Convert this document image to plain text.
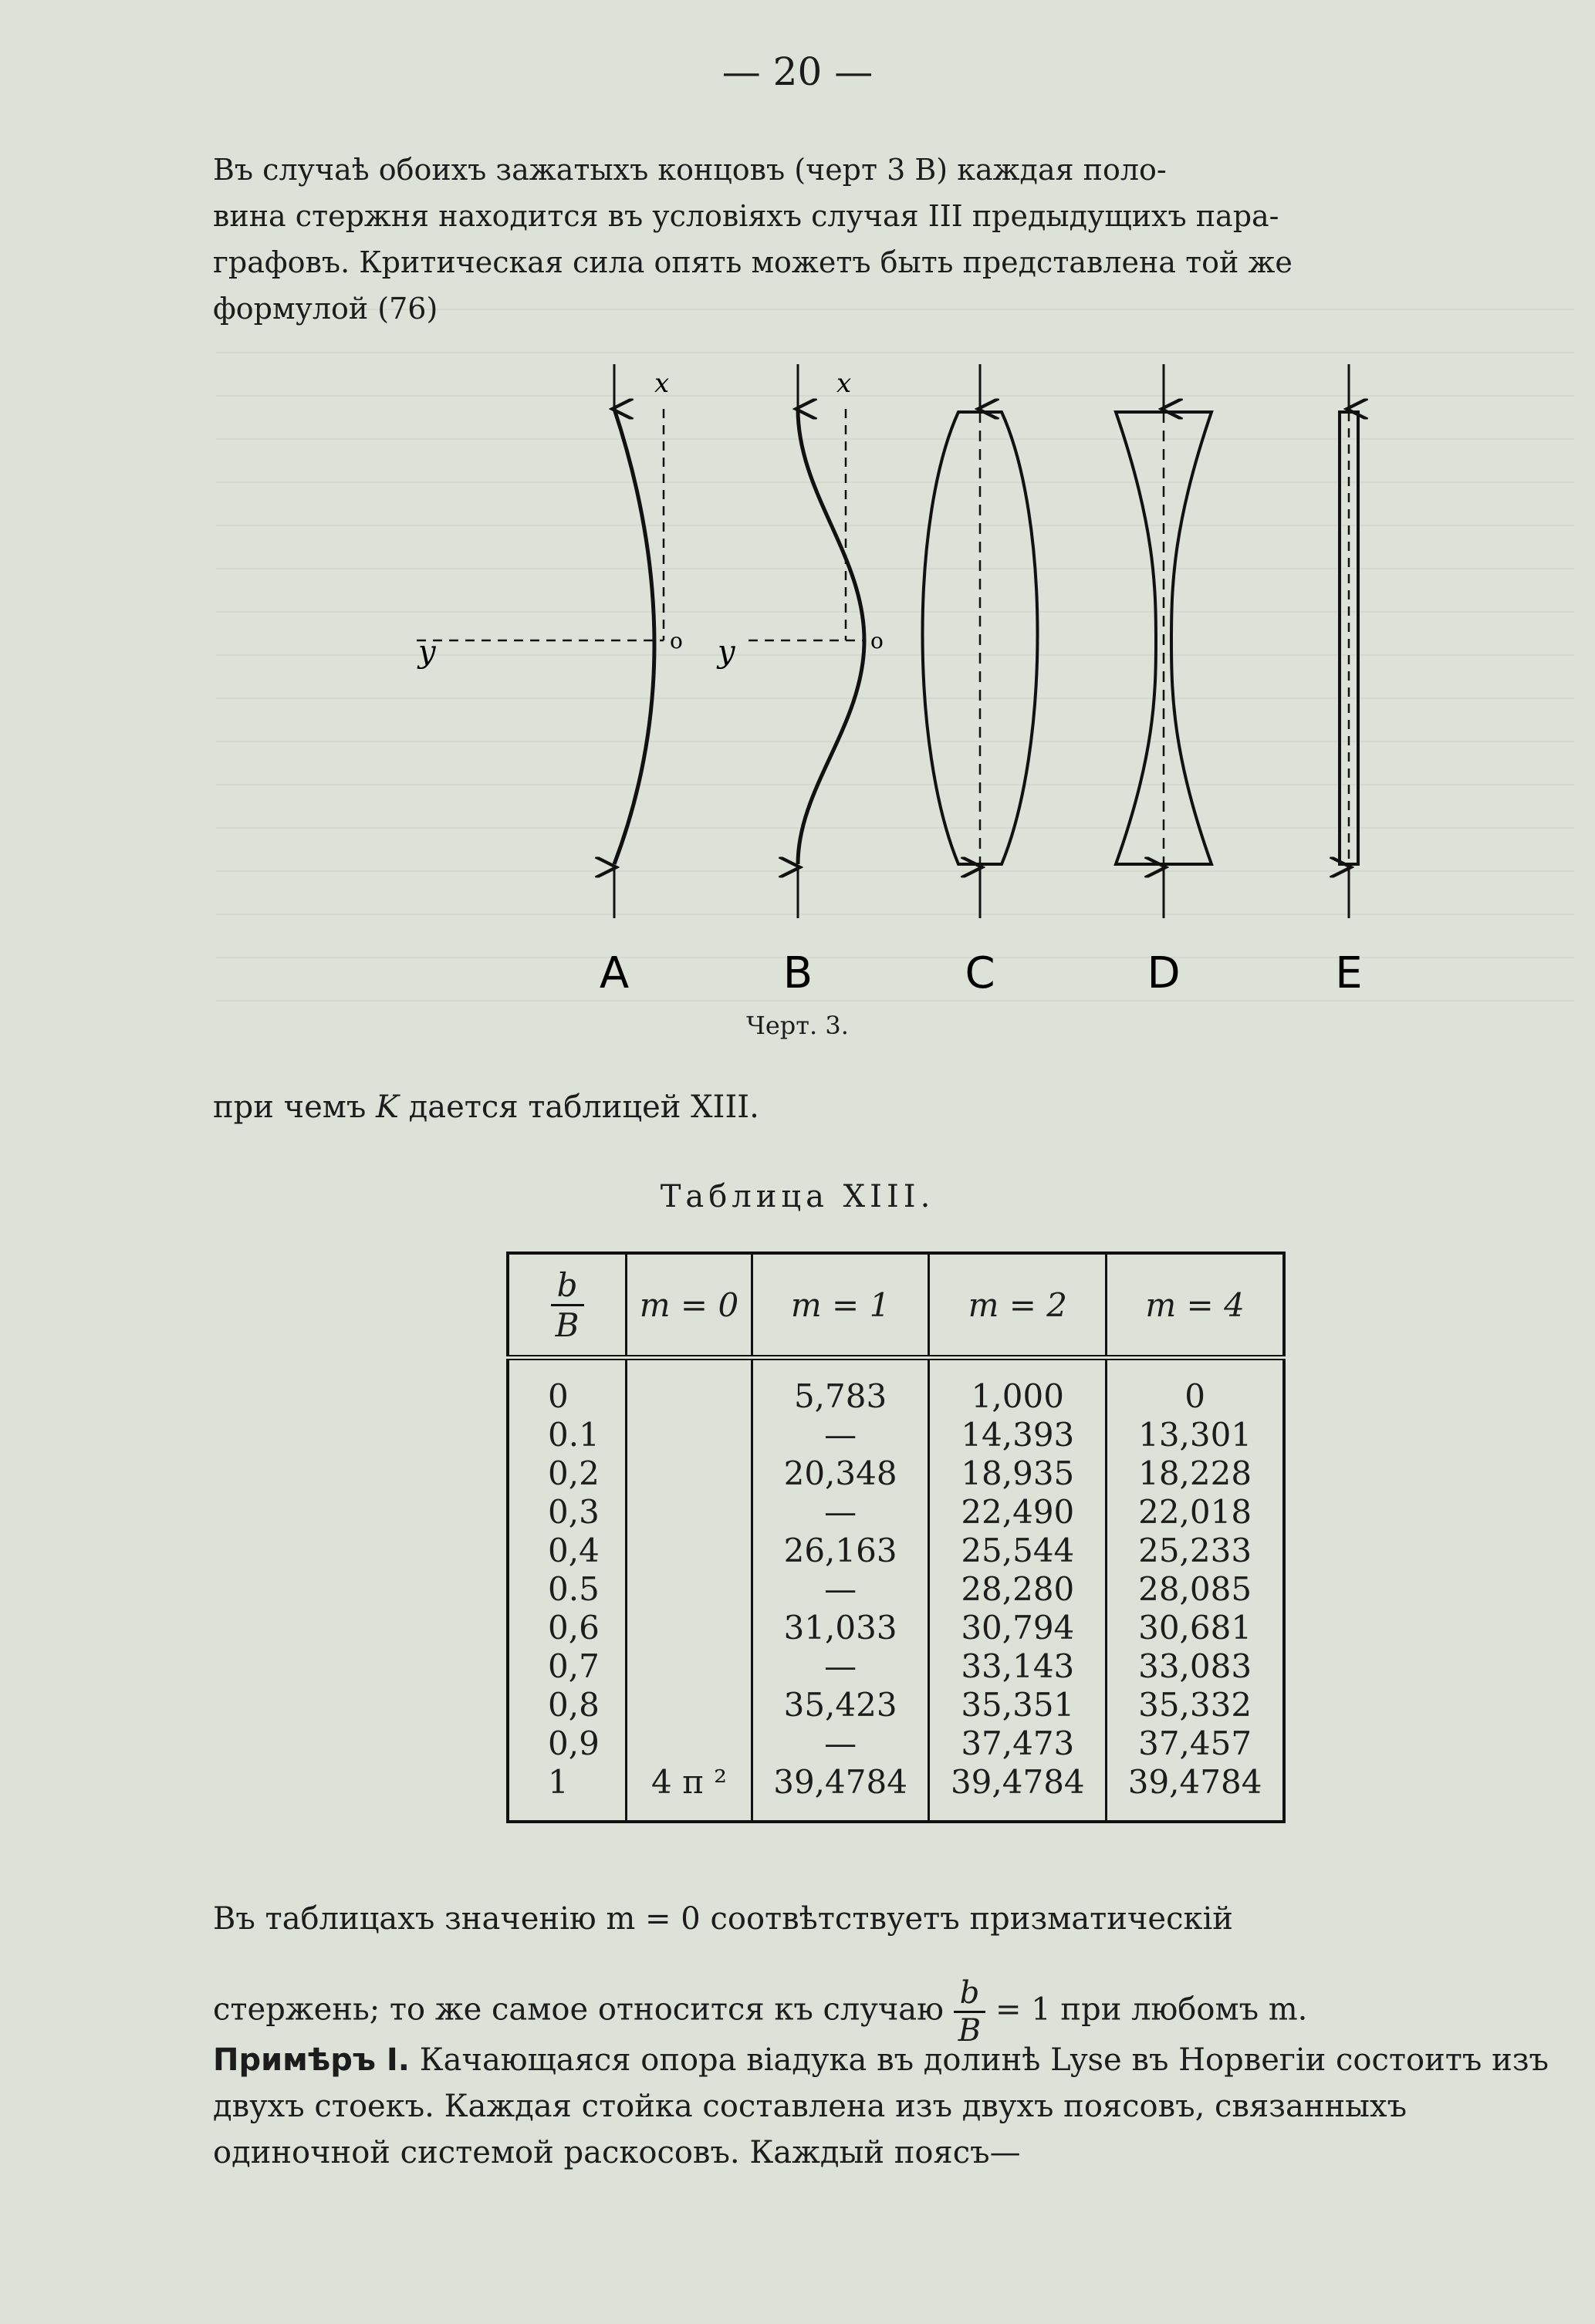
— 20 —
Въ случаѣ обоихъ зажатыхъ концовъ (черт 3 B) каждая поло-
вина стержня находится въ условiяхъ случая III предыдущихъ пара-
графовъ. Критическая сила опять можетъ быть представлена той же
формулой (76)
x
y	o
x
y	o
A	B	C	D	E
Черт. 3.
при чемъ K дается таблицей XIII.
Таблица XIII.
$\frac{b}{B}$	m = 0	m = 1	m = 2	m = 4
0		5,783	1,000	0
0.1		—	14,393	13,301
0,2		20,348	18,935	18,228
0,3		—	22,490	22,018
0,4		26,163	25,544	25,233
0.5		—	28,280	28,085
0,6		31,033	30,794	30,681
0,7		—	33,143	33,083
0,8		35,423	35,351	35,332
0,9		—	37,473	37,457
1	4 π ²	39,4784	39,4784	39,4784
Въ таблицахъ значенiю m = 0 соотвѣтствуетъ призматическiй
стержень; то же самое относится къ случаю $\frac{b}{B} = 1$ при любомъ m.
Примѣръ I. Качающаяся опора вiадука въ долинѣ Lyse въ Норвегiи состоитъ изъ двухъ стоекъ. Каждая стойка составлена изъ двухъ поясовъ, связанныхъ одиночной системой раскосовъ. Каждый поясъ—
